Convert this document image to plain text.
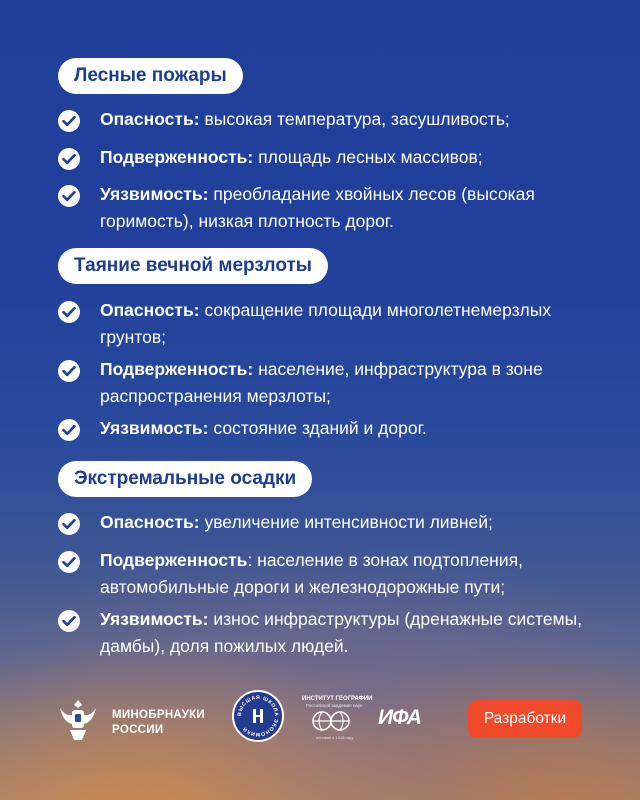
Лесные пожары
Опасность: высокая температура, засушливость;
Подверженность: площадь лесных массивов;
Уязвимость: преобладание хвойных лесов (высокая горимость), низкая плотность дорог.
Таяние вечной мерзлоты
Опасность: сокращение площади многолетнемерзлых грунтов;
Подверженность: население, инфраструктура в зоне распространения мерзлоты;
Уязвимость: состояние зданий и дорог.
Экстремальные осадки
Опасность: увеличение интенсивности ливней;
Подверженность: население в зонах подтопления, автомобильные дороги и железнодорожные пути;
Уязвимость: износ инфраструктуры (дренажные системы, дамбы), доля пожилых людей.
МИНОБРНАУКИ
РОССИИ
ВЫСШАЯ ШКОЛА ЭКОНОМИКИ
ИНСТИТУТ ГЕОГРАФИИ
Российской академии наук
основан в 1918 году
ИФА	Разработки
